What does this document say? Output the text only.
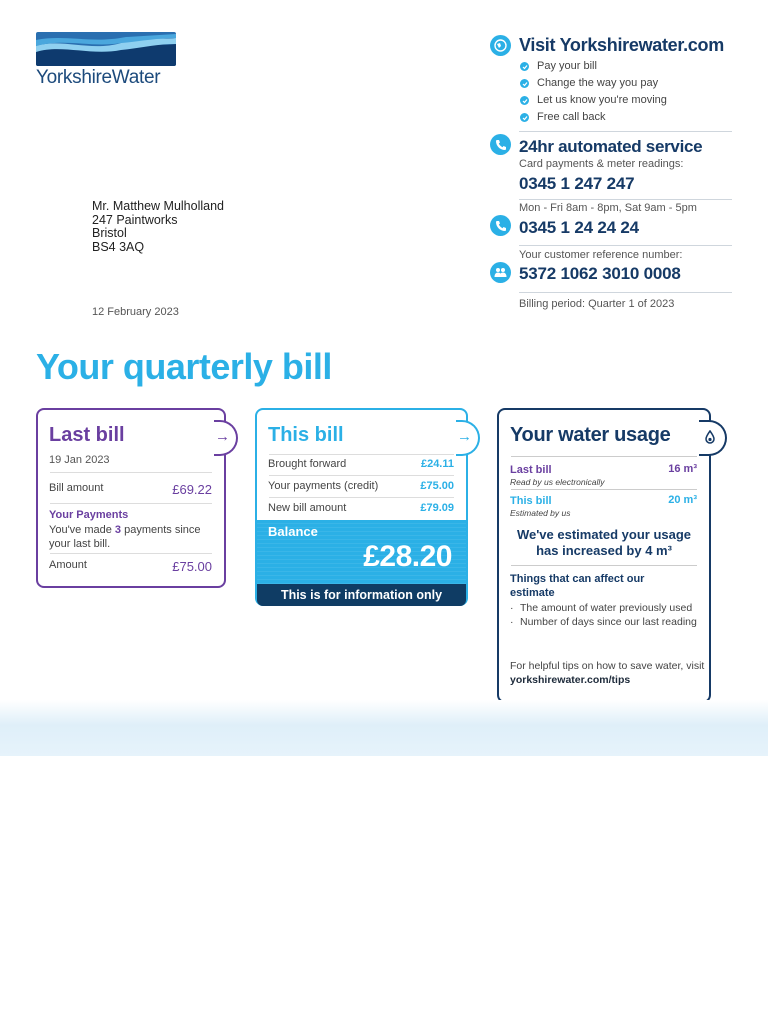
YorkshireWater
Mr. Matthew Mulholland
247 Paintworks
Bristol
BS4 3AQ
12 February 2023
Visit Yorkshirewater.com
Pay your bill
Change the way you pay
Let us know you're moving
Free call back
24hr automated service
Card payments & meter readings:
0345 1 247 247
Mon - Fri 8am - 8pm, Sat 9am - 5pm
0345 1 24 24 24
Your customer reference number:
5372 1062 3010 0008
Billing period: Quarter 1 of 2023
Your quarterly bill
→
Last bill
19 Jan 2023
Bill amount	£69.22
Your Payments
You've made 3 payments since your last bill.
Amount	£75.00
→
This bill
Brought forward	£24.11
Your payments (credit)	£75.00
New bill amount	£79.09
Balance
£28.20
This is for information only
Your water usage
Last bill	16 m³
Read by us electronically
This bill	20 m³
Estimated by us
We've estimated your usage has increased by 4 m³
Things that can affect our estimate
· The amount of water previously used
· Number of days since our last reading
For helpful tips on how to save water, visit yorkshirewater.com/tips
